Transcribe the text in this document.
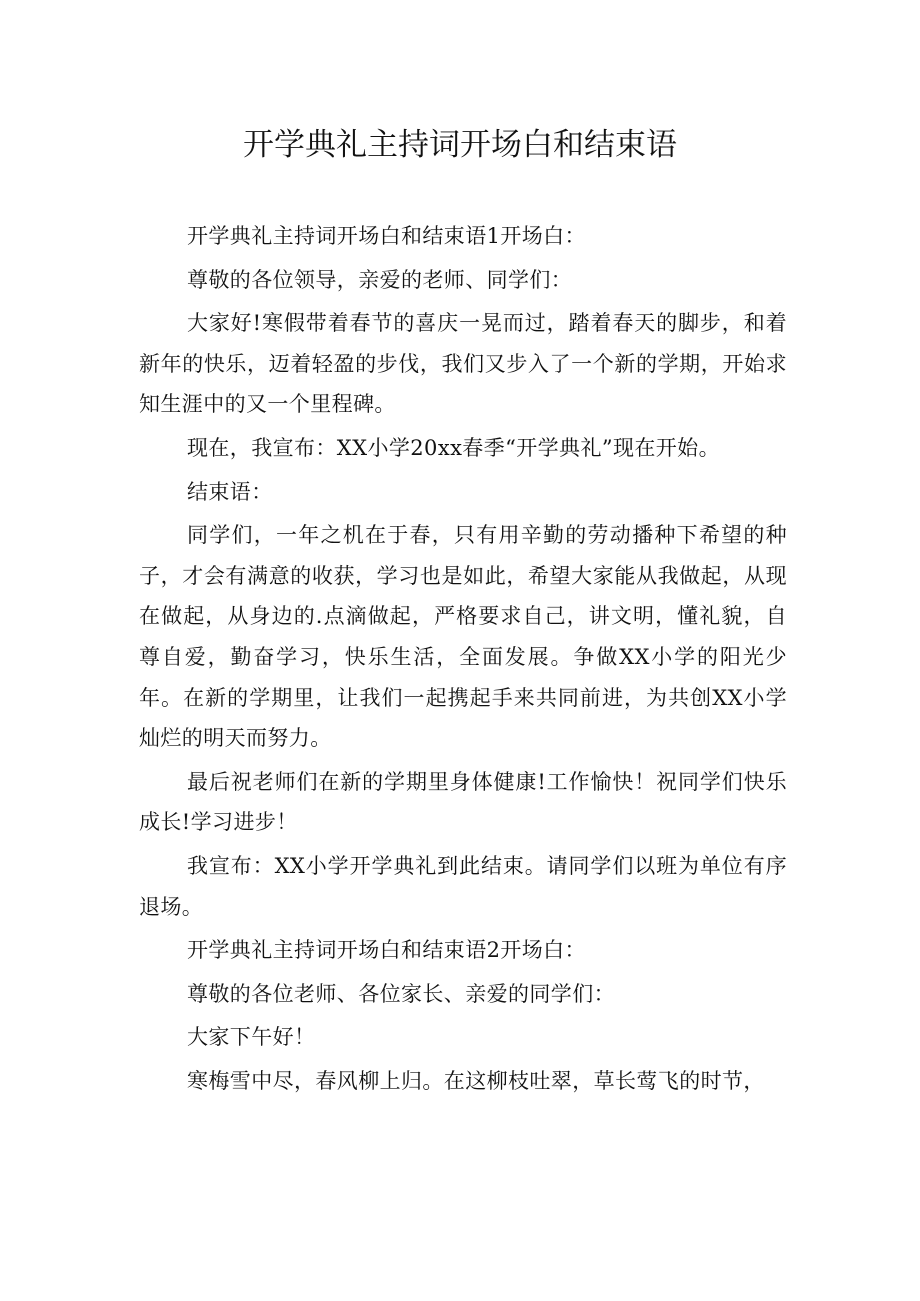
开学典礼主持词开场白和结束语

开学典礼主持词开场白和结束语1开场白：

尊敬的各位领导，亲爱的老师、同学们：

大家好!寒假带着春节的喜庆一晃而过，踏着春天的脚步，和着新年的快乐，迈着轻盈的步伐，我们又步入了一个新的学期，开始求知生涯中的又一个里程碑。

现在，我宣布：XX小学20xx春季“开学典礼”现在开始。

结束语：

同学们，一年之机在于春，只有用辛勤的劳动播种下希望的种子，才会有满意的收获，学习也是如此，希望大家能从我做起，从现在做起，从身边的.点滴做起，严格要求自己，讲文明，懂礼貌，自尊自爱，勤奋学习，快乐生活，全面发展。争做XX小学的阳光少年。在新的学期里，让我们一起携起手来共同前进，为共创XX小学灿烂的明天而努力。

最后祝老师们在新的学期里身体健康!工作愉快！祝同学们快乐成长!学习进步！

我宣布：XX小学开学典礼到此结束。请同学们以班为单位有序退场。

开学典礼主持词开场白和结束语2开场白：

尊敬的各位老师、各位家长、亲爱的同学们：

大家下午好！

寒梅雪中尽，春风柳上归。在这柳枝吐翠，草长莺飞的时节，
